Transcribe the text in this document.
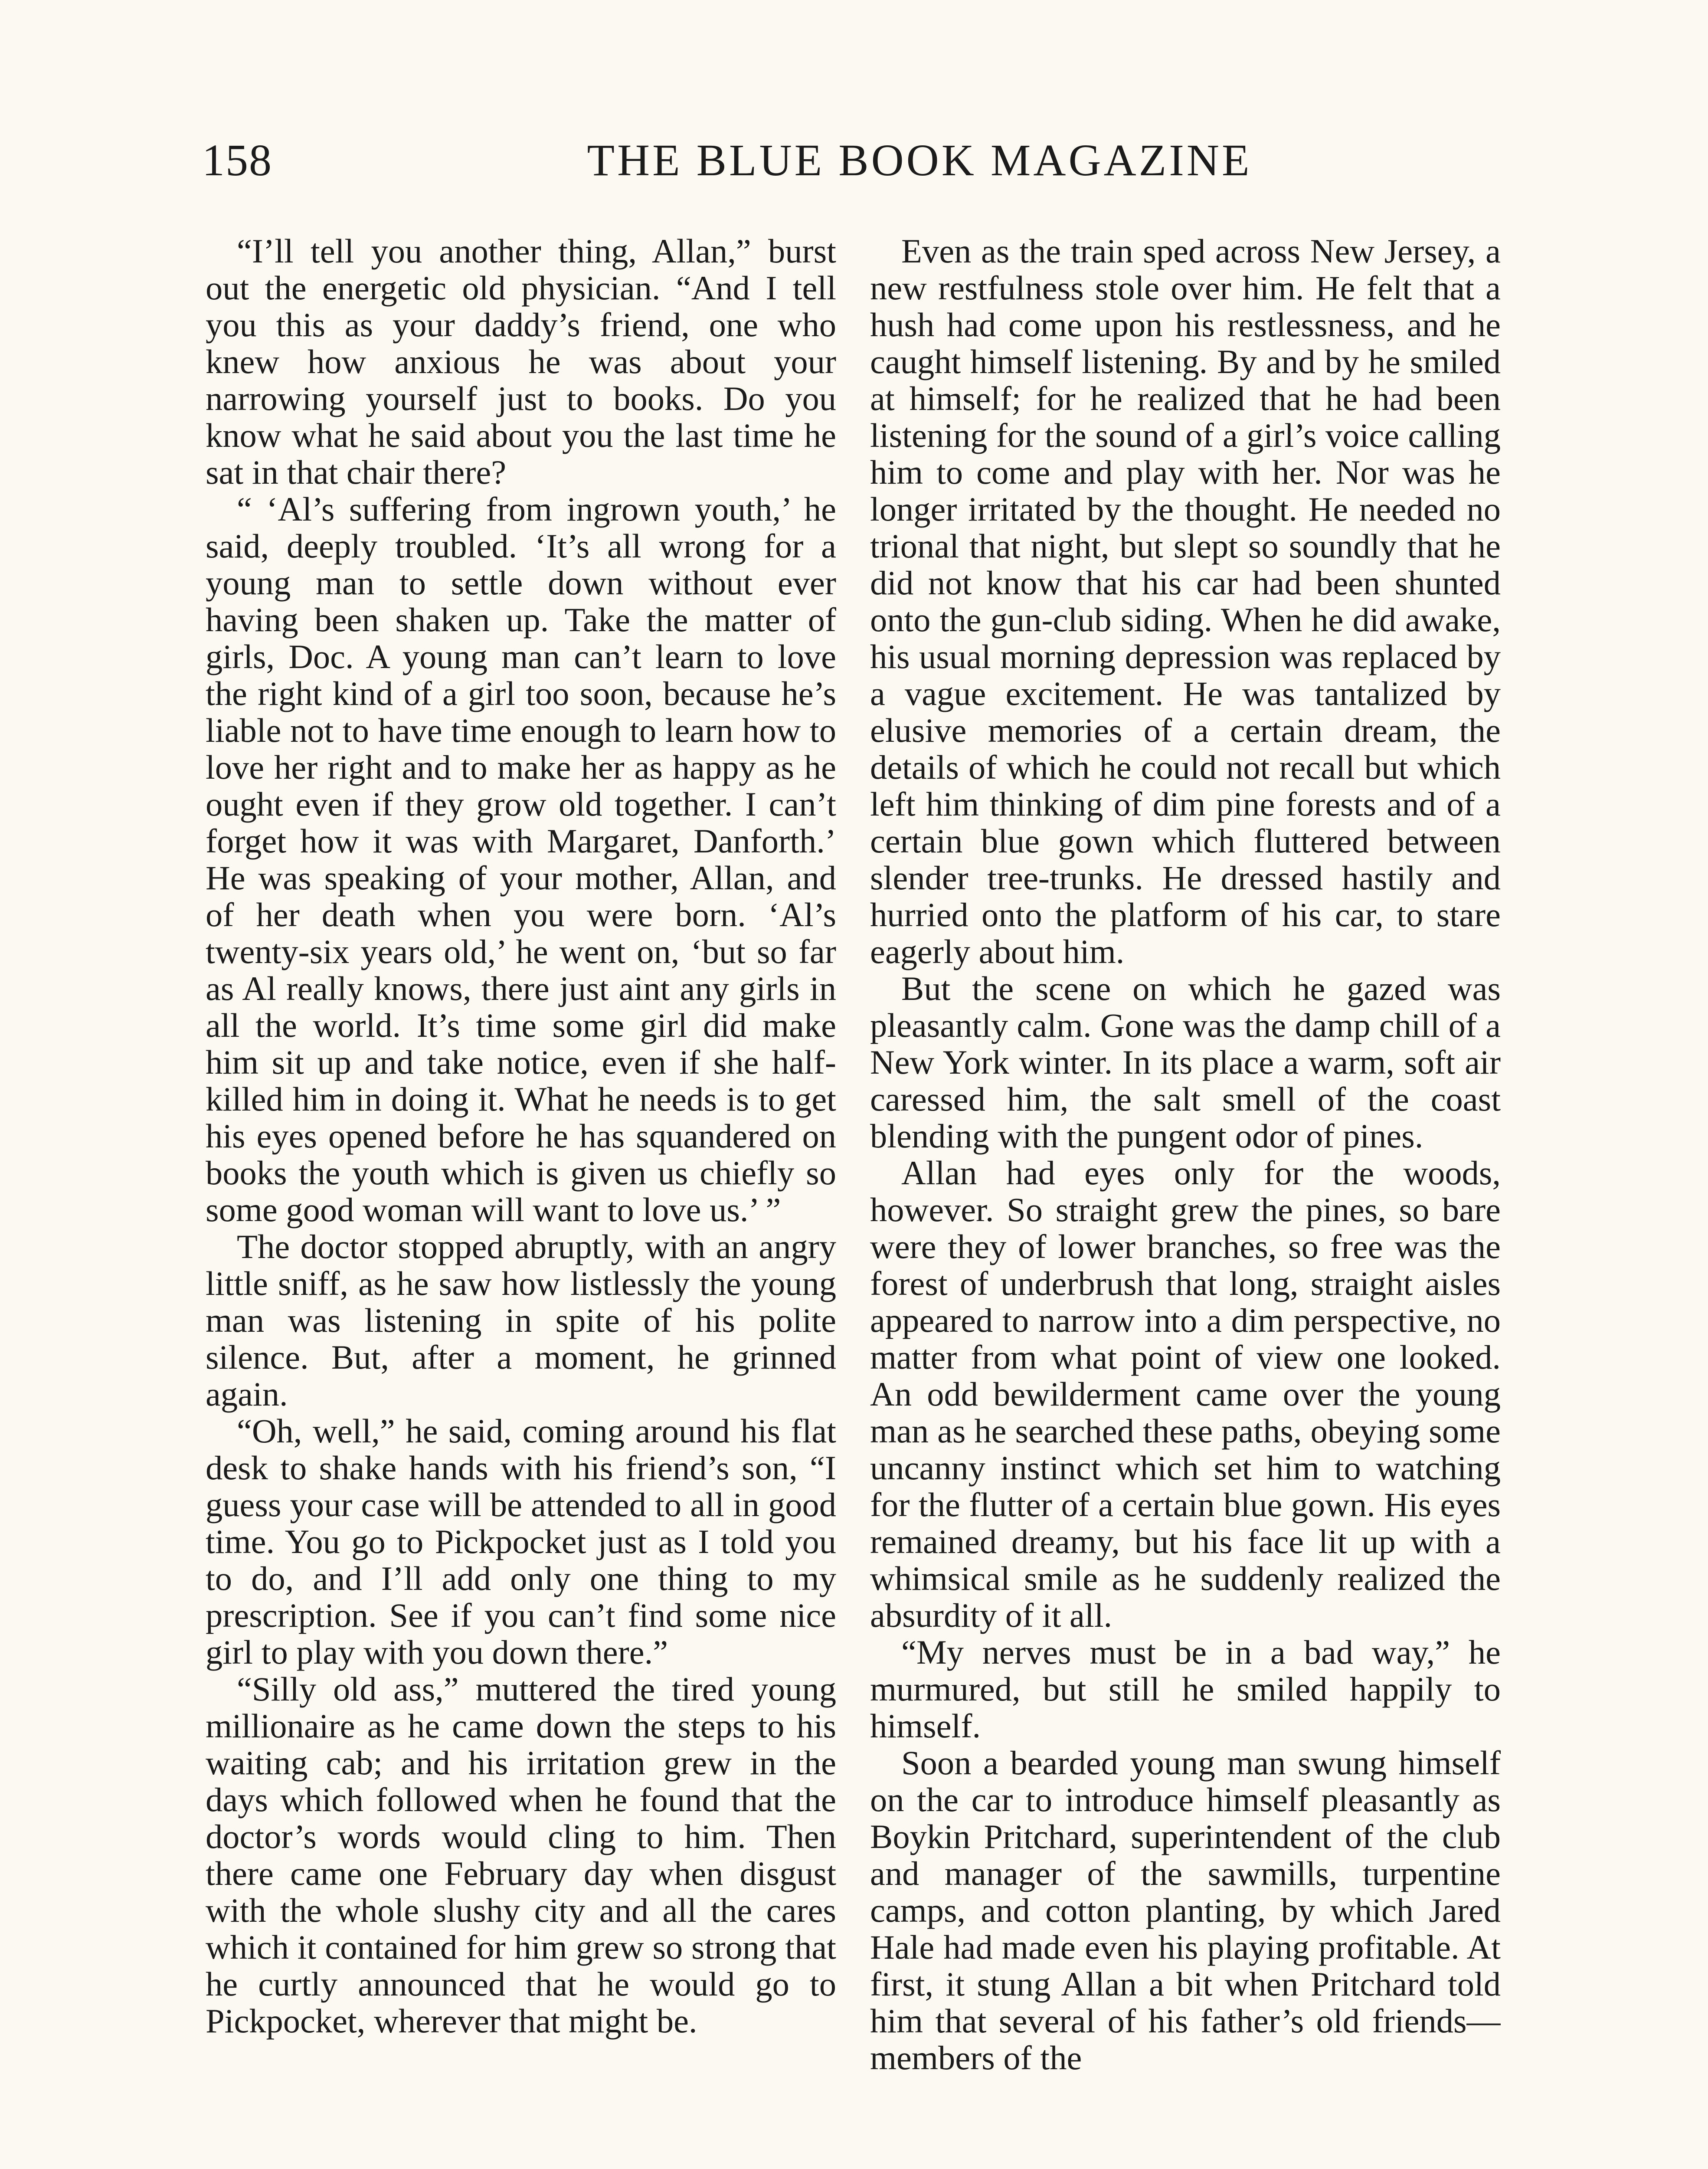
158	THE BLUE BOOK MAGAZINE

“I’ll tell you another thing, Allan,” burst out the energetic old physician. “And I tell you this as your daddy’s friend, one who knew how anxious he was about your narrowing yourself just to books. Do you know what he said about you the last time he sat in that chair there?

“ ‘Al’s suffering from ingrown youth,’ he said, deeply troubled. ‘It’s all wrong for a young man to settle down without ever having been shaken up. Take the matter of girls, Doc. A young man can’t learn to love the right kind of a girl too soon, because he’s liable not to have time enough to learn how to love her right and to make her as happy as he ought even if they grow old together. I can’t forget how it was with Margaret, Danforth.’ He was speaking of your mother, Allan, and of her death when you were born. ‘Al’s twenty-six years old,’ he went on, ‘but so far as Al really knows, there just aint any girls in all the world. It’s time some girl did make him sit up and take notice, even if she half-killed him in doing it. What he needs is to get his eyes opened before he has squandered on books the youth which is given us chiefly so some good woman will want to love us.’ ”

The doctor stopped abruptly, with an angry little sniff, as he saw how listlessly the young man was listening in spite of his polite silence. But, after a moment, he grinned again.

“Oh, well,” he said, coming around his flat desk to shake hands with his friend’s son, “I guess your case will be attended to all in good time. You go to Pickpocket just as I told you to do, and I’ll add only one thing to my prescription. See if you can’t find some nice girl to play with you down there.”

“Silly old ass,” muttered the tired young millionaire as he came down the steps to his waiting cab; and his irritation grew in the days which followed when he found that the doctor’s words would cling to him. Then there came one February day when disgust with the whole slushy city and all the cares which it contained for him grew so strong that he curtly announced that he would go to Pickpocket, wherever that might be.

Even as the train sped across New Jersey, a new restfulness stole over him. He felt that a hush had come upon his restlessness, and he caught himself listening. By and by he smiled at himself; for he realized that he had been listening for the sound of a girl’s voice calling him to come and play with her. Nor was he longer irritated by the thought. He needed no trional that night, but slept so soundly that he did not know that his car had been shunted onto the gun-club siding. When he did awake, his usual morning depression was replaced by a vague excitement. He was tantalized by elusive memories of a certain dream, the details of which he could not recall but which left him thinking of dim pine forests and of a certain blue gown which fluttered between slender tree-trunks. He dressed hastily and hurried onto the platform of his car, to stare eagerly about him.

But the scene on which he gazed was pleasantly calm. Gone was the damp chill of a New York winter. In its place a warm, soft air caressed him, the salt smell of the coast blending with the pungent odor of pines.

Allan had eyes only for the woods, however. So straight grew the pines, so bare were they of lower branches, so free was the forest of underbrush that long, straight aisles appeared to narrow into a dim perspective, no matter from what point of view one looked. An odd bewilderment came over the young man as he searched these paths, obeying some uncanny instinct which set him to watching for the flutter of a certain blue gown. His eyes remained dreamy, but his face lit up with a whimsical smile as he suddenly realized the absurdity of it all.

“My nerves must be in a bad way,” he murmured, but still he smiled happily to himself.

Soon a bearded young man swung himself on the car to introduce himself pleasantly as Boykin Pritchard, superintendent of the club and manager of the sawmills, turpentine camps, and cotton planting, by which Jared Hale had made even his playing profitable. At first, it stung Allan a bit when Pritchard told him that several of his father’s old friends—members of the
